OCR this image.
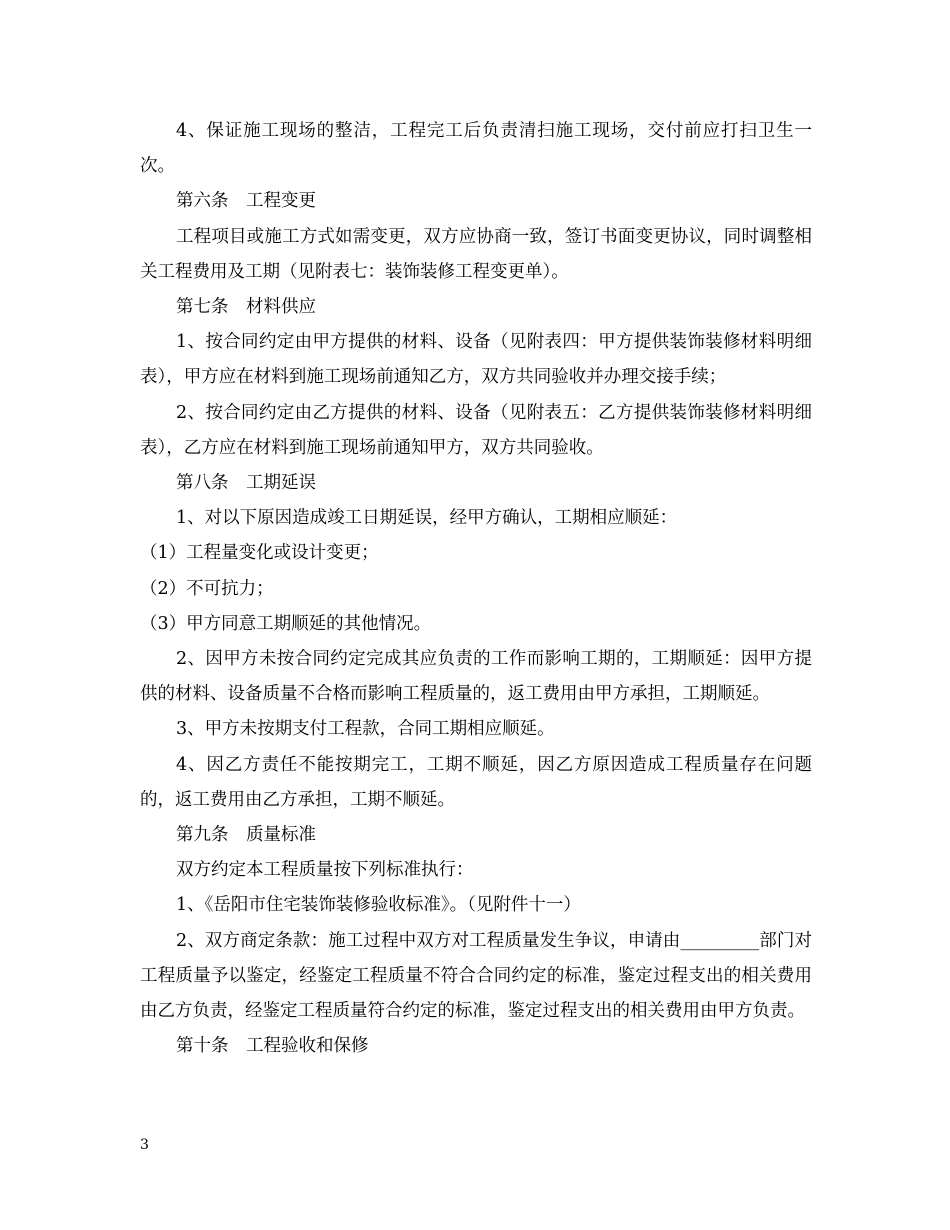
4、保证施工现场的整洁，工程完工后负责清扫施工现场，交付前应打扫卫生一次。

第六条　工程变更

工程项目或施工方式如需变更，双方应协商一致，签订书面变更协议，同时调整相关工程费用及工期（见附表七：装饰装修工程变更单）。

第七条　材料供应

1、按合同约定由甲方提供的材料、设备（见附表四：甲方提供装饰装修材料明细表），甲方应在材料到施工现场前通知乙方，双方共同验收并办理交接手续；

2、按合同约定由乙方提供的材料、设备（见附表五：乙方提供装饰装修材料明细表），乙方应在材料到施工现场前通知甲方，双方共同验收。

第八条　工期延误

1、对以下原因造成竣工日期延误，经甲方确认，工期相应顺延：

（1）工程量变化或设计变更；

（2）不可抗力；

（3）甲方同意工期顺延的其他情况。

2、因甲方未按合同约定完成其应负责的工作而影响工期的，工期顺延：因甲方提供的材料、设备质量不合格而影响工程质量的，返工费用由甲方承担，工期顺延。

3、甲方未按期支付工程款，合同工期相应顺延。

4、因乙方责任不能按期完工，工期不顺延，因乙方原因造成工程质量存在问题的，返工费用由乙方承担，工期不顺延。

第九条　质量标准

双方约定本工程质量按下列标准执行：

1、《岳阳市住宅装饰装修验收标准》。（见附件十一）

2、双方商定条款：施工过程中双方对工程质量发生争议，申请由_________部门对工程质量予以鉴定，经鉴定工程质量不符合合同约定的标准，鉴定过程支出的相关费用由乙方负责，经鉴定工程质量符合约定的标准，鉴定过程支出的相关费用由甲方负责。

第十条　工程验收和保修

3
